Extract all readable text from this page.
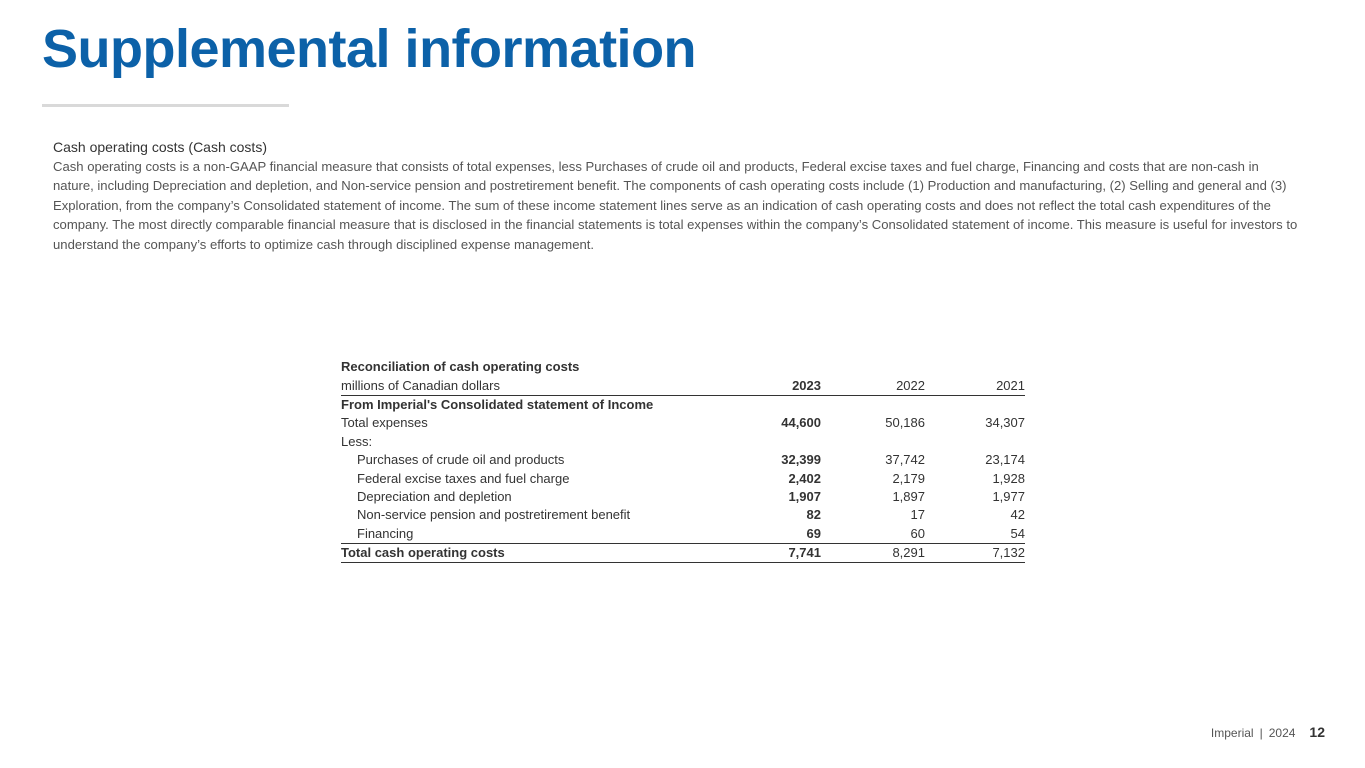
Supplemental information
Cash operating costs (Cash costs)
Cash operating costs is a non-GAAP financial measure that consists of total expenses, less Purchases of crude oil and products, Federal excise taxes and fuel charge, Financing and costs that are non-cash in nature, including Depreciation and depletion, and Non-service pension and postretirement benefit. The components of cash operating costs include (1) Production and manufacturing, (2) Selling and general and (3) Exploration, from the company’s Consolidated statement of income. The sum of these income statement lines serve as an indication of cash operating costs and does not reflect the total cash expenditures of the company. The most directly comparable financial measure that is disclosed in the financial statements is total expenses within the company’s Consolidated statement of income. This measure is useful for investors to understand the company’s efforts to optimize cash through disciplined expense management.
Reconciliation of cash operating costs			
millions of Canadian dollars	2023	2022	2021
From Imperial's Consolidated statement of Income			
Total expenses	44,600	50,186	34,307
Less:			
Purchases of crude oil and products	32,399	37,742	23,174
Federal excise taxes and fuel charge	2,402	2,179	1,928
Depreciation and depletion	1,907	1,897	1,977
Non-service pension and postretirement benefit	82	17	42
Financing	69	60	54
Total cash operating costs	7,741	8,291	7,132
Imperial | 2024 12
